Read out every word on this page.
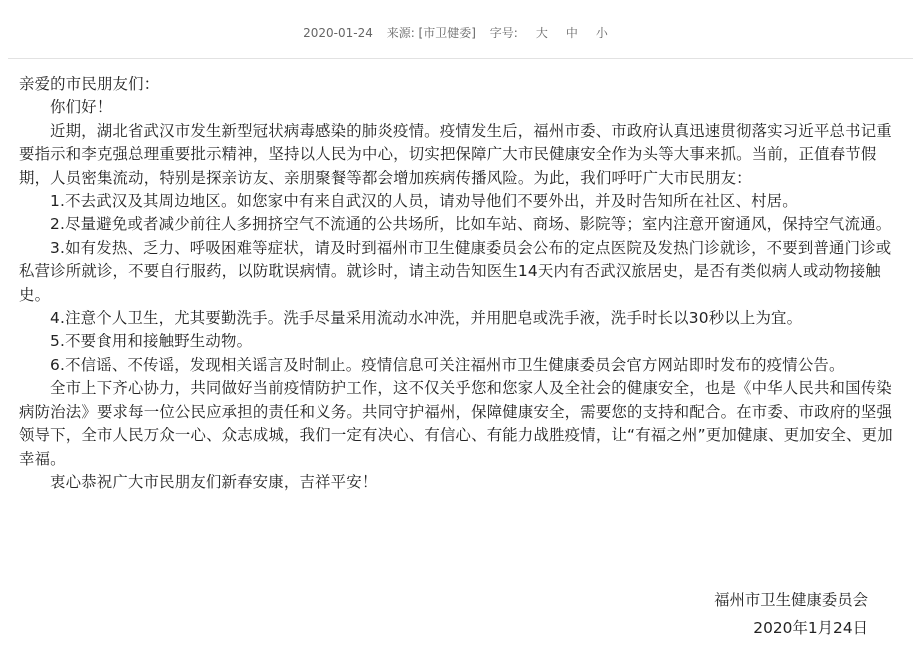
2020-01-24 来源: [市卫健委] 字号: 大 中 小

亲爱的市民朋友们：

你们好！

近期，湖北省武汉市发生新型冠状病毒感染的肺炎疫情。疫情发生后，福州市委、市政府认真迅速贯彻落实习近平总书记重要指示和李克强总理重要批示精神，坚持以人民为中心，切实把保障广大市民健康安全作为头等大事来抓。当前，正值春节假期，人员密集流动，特别是探亲访友、亲朋聚餐等都会增加疾病传播风险。为此，我们呼吁广大市民朋友：

1.不去武汉及其周边地区。如您家中有来自武汉的人员，请劝导他们不要外出，并及时告知所在社区、村居。

2.尽量避免或者减少前往人多拥挤空气不流通的公共场所，比如车站、商场、影院等；室内注意开窗通风，保持空气流通。

3.如有发热、乏力、呼吸困难等症状，请及时到福州市卫生健康委员会公布的定点医院及发热门诊就诊，不要到普通门诊或私营诊所就诊，不要自行服药，以防耽误病情。就诊时，请主动告知医生14天内有否武汉旅居史，是否有类似病人或动物接触史。

4.注意个人卫生，尤其要勤洗手。洗手尽量采用流动水冲洗，并用肥皂或洗手液，洗手时长以30秒以上为宜。

5.不要食用和接触野生动物。

6.不信谣、不传谣，发现相关谣言及时制止。疫情信息可关注福州市卫生健康委员会官方网站即时发布的疫情公告。

全市上下齐心协力，共同做好当前疫情防护工作，这不仅关乎您和您家人及全社会的健康安全，也是《中华人民共和国传染病防治法》要求每一位公民应承担的责任和义务。共同守护福州，保障健康安全，需要您的支持和配合。在市委、市政府的坚强领导下，全市人民万众一心、众志成城，我们一定有决心、有信心、有能力战胜疫情，让“有福之州”更加健康、更加安全、更加幸福。

衷心恭祝广大市民朋友们新春安康，吉祥平安！

福州市卫生健康委员会
2020年1月24日
